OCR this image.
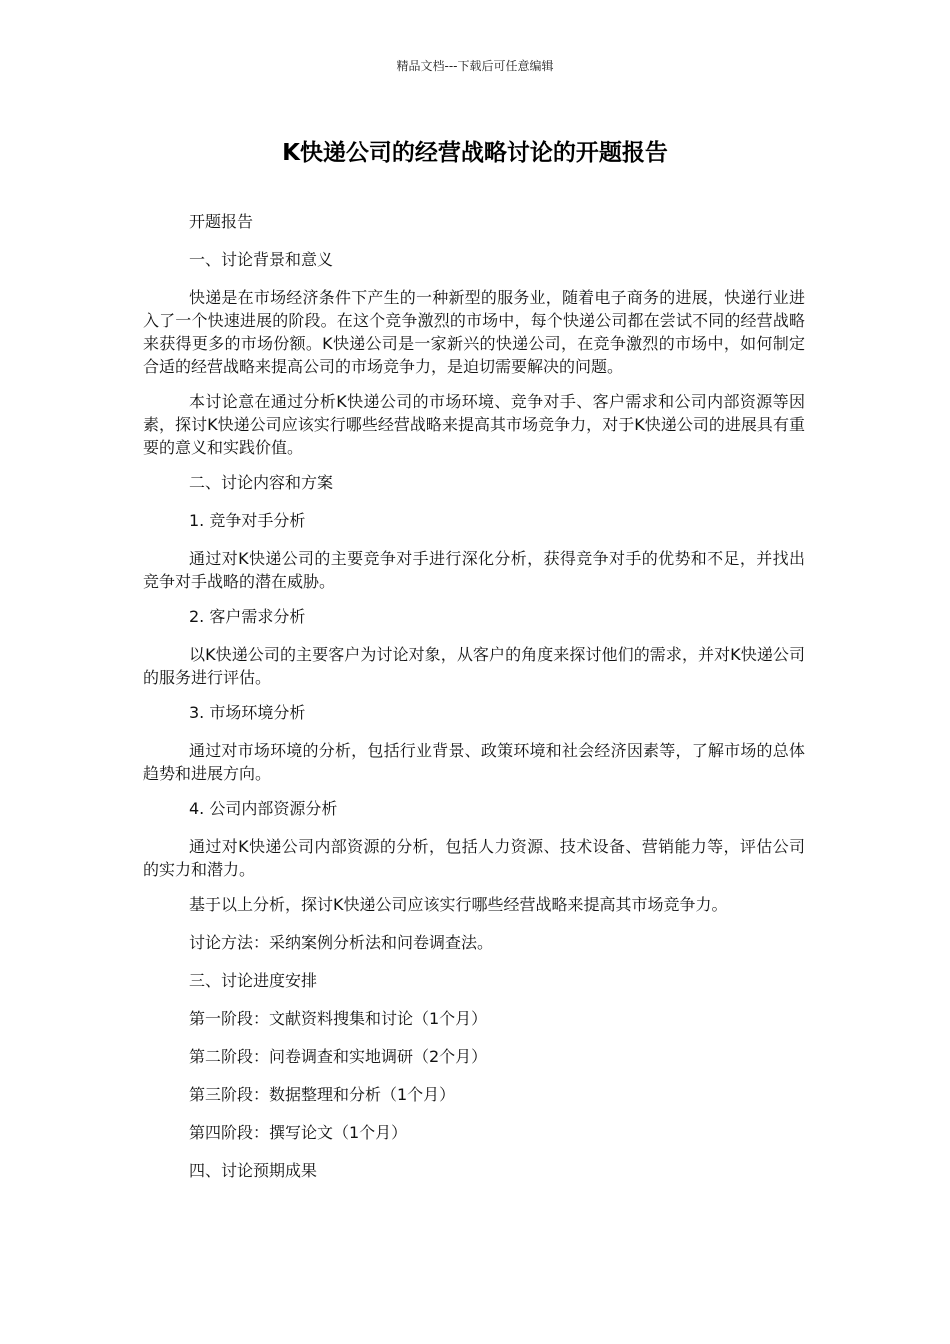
精品文档---下载后可任意编辑
K快递公司的经营战略讨论的开题报告

开题报告

一、讨论背景和意义

快递是在市场经济条件下产生的一种新型的服务业，随着电子商务的进展，快递行业进入了一个快速进展的阶段。在这个竞争激烈的市场中，每个快递公司都在尝试不同的经营战略来获得更多的市场份额。K快递公司是一家新兴的快递公司，在竞争激烈的市场中，如何制定合适的经营战略来提高公司的市场竞争力，是迫切需要解决的问题。

本讨论意在通过分析K快递公司的市场环境、竞争对手、客户需求和公司内部资源等因素，探讨K快递公司应该实行哪些经营战略来提高其市场竞争力，对于K快递公司的进展具有重要的意义和实践价值。

二、讨论内容和方案

1. 竞争对手分析

通过对K快递公司的主要竞争对手进行深化分析，获得竞争对手的优势和不足，并找出竞争对手战略的潜在威胁。

2. 客户需求分析

以K快递公司的主要客户为讨论对象，从客户的角度来探讨他们的需求，并对K快递公司的服务进行评估。

3. 市场环境分析

通过对市场环境的分析，包括行业背景、政策环境和社会经济因素等，了解市场的总体趋势和进展方向。

4. 公司内部资源分析

通过对K快递公司内部资源的分析，包括人力资源、技术设备、营销能力等，评估公司的实力和潜力。

基于以上分析，探讨K快递公司应该实行哪些经营战略来提高其市场竞争力。

讨论方法：采纳案例分析法和问卷调查法。

三、讨论进度安排

第一阶段：文献资料搜集和讨论（1个月）

第二阶段：问卷调查和实地调研（2个月）

第三阶段：数据整理和分析（1个月）

第四阶段：撰写论文（1个月）

四、讨论预期成果
